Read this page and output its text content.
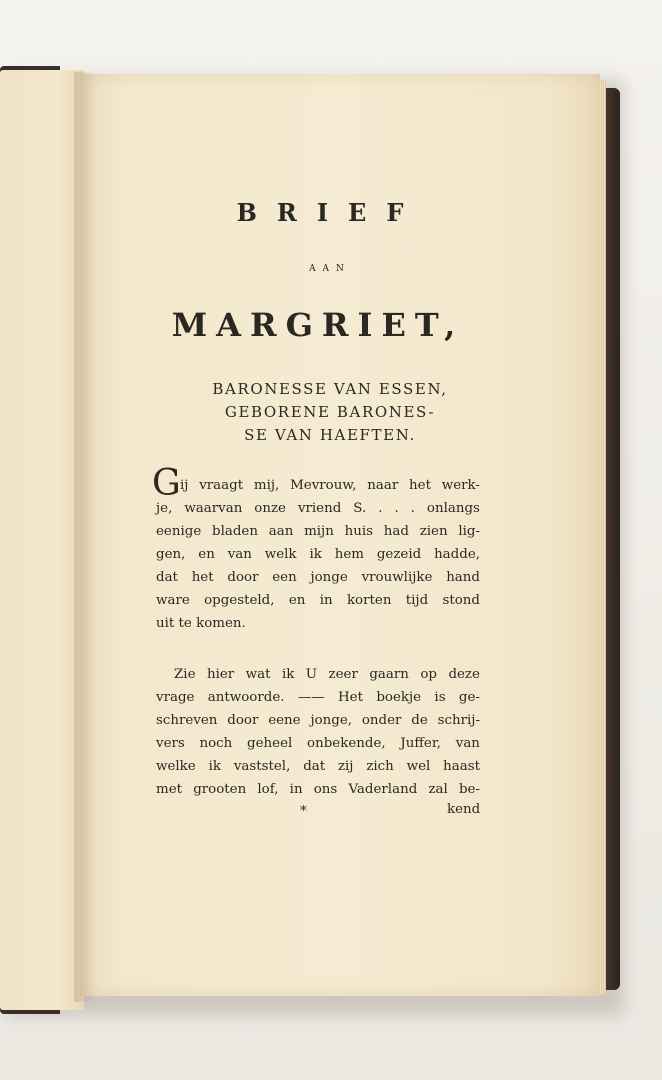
BRIEF
AAN
MARGRIET,
BARONESSE VAN ESSEN,
GEBORENE BARONES-
SE VAN HAEFTEN.
G ij vraagt mij, Mevrouw, naar het werk-
je, waarvan onze vriend S. . . . onlangs
eenige bladen aan mijn huis had zien lig-
gen, en van welk ik hem gezeid hadde,
dat het door een jonge vrouwlijke hand
ware opgesteld, en in korten tijd stond
uit te komen.
Zie hier wat ik U zeer gaarn op deze
vrage antwoorde. —— Het boekje is ge-
schreven door eene jonge, onder de schrij-
vers noch geheel onbekende, Juffer, van
welke ik vaststel, dat zij zich wel haast
met grooten lof, in ons Vaderland zal be-
*	kend
